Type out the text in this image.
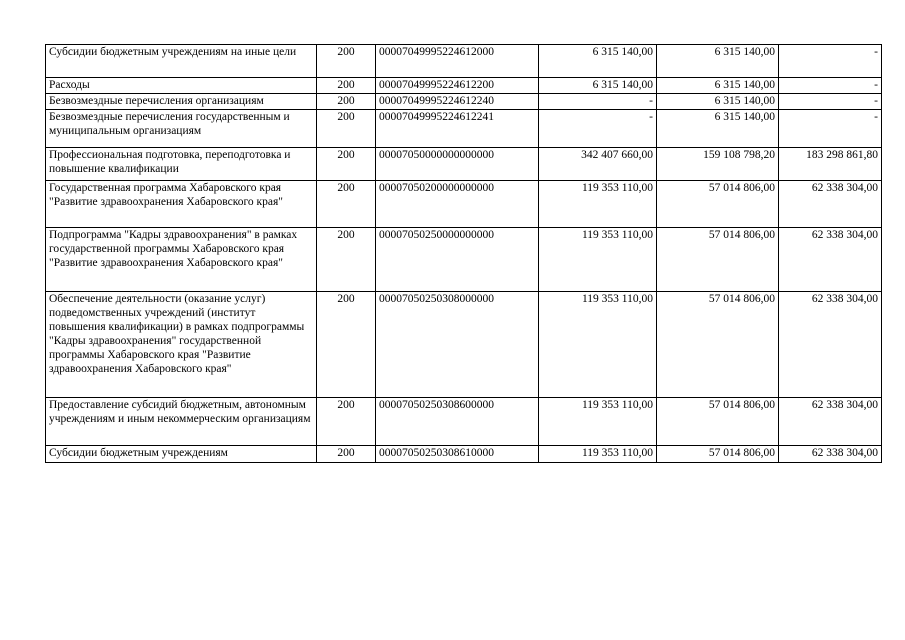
Субсидии бюджетным учреждениям на иные цели	200	00007049995224612000	6 315 140,00	6 315 140,00	-
Расходы	200	00007049995224612200	6 315 140,00	6 315 140,00	-
Безвозмездные перечисления организациям	200	00007049995224612240	-	6 315 140,00	-
Безвозмездные перечисления государственным и муниципальным организациям	200	00007049995224612241	-	6 315 140,00	-
Профессиональная подготовка, переподготовка и повышение квалификации	200	00007050000000000000	342 407 660,00	159 108 798,20	183 298 861,80
Государственная программа Хабаровского края "Развитие здравоохранения Хабаровского края"	200	00007050200000000000	119 353 110,00	57 014 806,00	62 338 304,00
Подпрограмма "Кадры здравоохранения" в рамках государственной программы Хабаровского края "Развитие здравоохранения Хабаровского края"	200	00007050250000000000	119 353 110,00	57 014 806,00	62 338 304,00
Обеспечение деятельности (оказание услуг) подведомственных учреждений (институт повышения квалификации) в рамках подпрограммы "Кадры здравоохранения" государственной программы Хабаровского края "Развитие здравоохранения Хабаровского края"	200	00007050250308000000	119 353 110,00	57 014 806,00	62 338 304,00
Предоставление субсидий бюджетным, автономным учреждениям и иным некоммерческим организациям	200	00007050250308600000	119 353 110,00	57 014 806,00	62 338 304,00
Субсидии бюджетным учреждениям	200	00007050250308610000	119 353 110,00	57 014 806,00	62 338 304,00
